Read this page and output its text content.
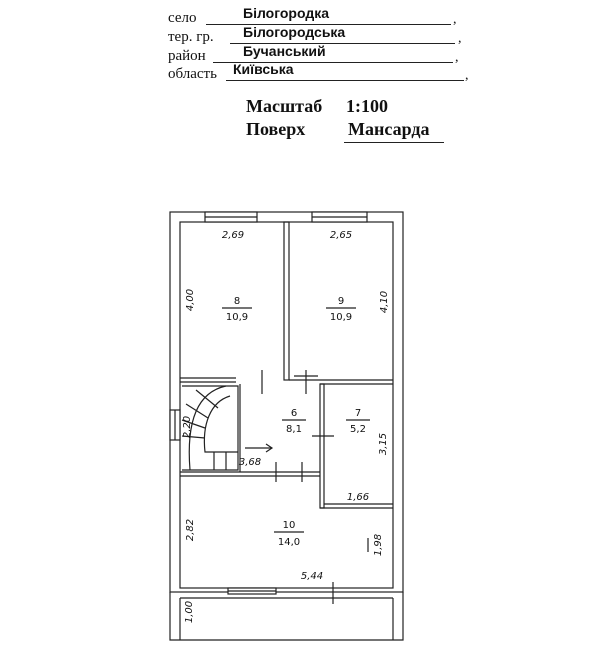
село	Білогородка	,
тер. гр. Білогородська	,
район	Бучанський	,
область Київська	,
Масштаб 1:100
Поверх Мансарда
8
10,9
9
10,9
6
8,1
7
5,2
10
14,0
2,69	2,65
4,00	4,10
2,20
3,68
3,15
1,66
2,82
1,98
5,44
1,00
